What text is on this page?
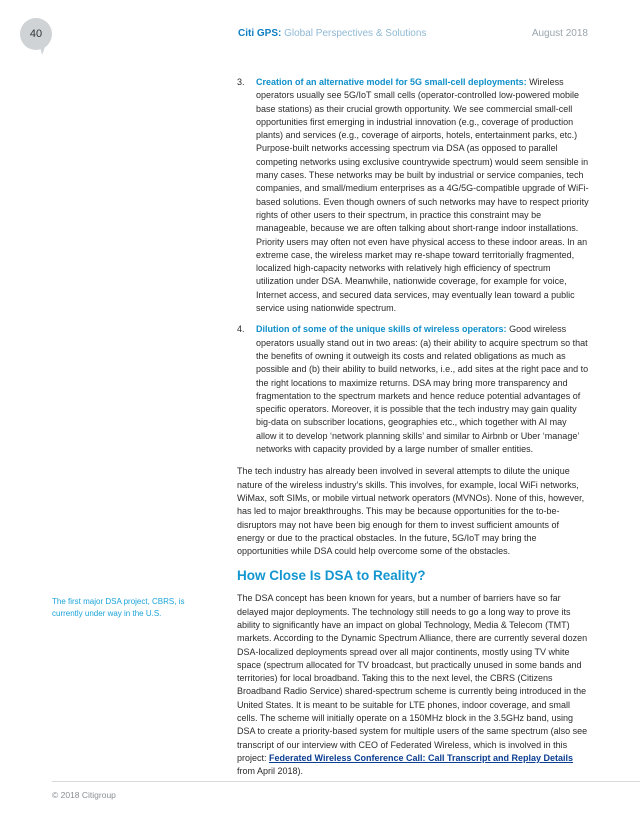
40	Citi GPS: Global Perspectives & Solutions	August 2018
3. Creation of an alternative model for 5G small-cell deployments: Wireless operators usually see 5G/IoT small cells (operator-controlled low-powered mobile base stations) as their crucial growth opportunity. We see commercial small-cell opportunities first emerging in industrial innovation (e.g., coverage of production plants) and services (e.g., coverage of airports, hotels, entertainment parks, etc.) Purpose-built networks accessing spectrum via DSA (as opposed to parallel competing networks using exclusive countrywide spectrum) would seem sensible in many cases. These networks may be built by industrial or service companies, tech companies, and small/medium enterprises as a 4G/5G-compatible upgrade of WiFi-based solutions. Even though owners of such networks may have to respect priority rights of other users to their spectrum, in practice this constraint may be manageable, because we are often talking about short-range indoor installations. Priority users may often not even have physical access to these indoor areas. In an extreme case, the wireless market may re-shape toward territorially fragmented, localized high-capacity networks with relatively high efficiency of spectrum utilization under DSA. Meanwhile, nationwide coverage, for example for voice, Internet access, and secured data services, may eventually lean toward a public service using nationwide spectrum.
4. Dilution of some of the unique skills of wireless operators: Good wireless operators usually stand out in two areas: (a) their ability to acquire spectrum so that the benefits of owning it outweigh its costs and related obligations as much as possible and (b) their ability to build networks, i.e., add sites at the right pace and to the right locations to maximize returns. DSA may bring more transparency and fragmentation to the spectrum markets and hence reduce potential advantages of specific operators. Moreover, it is possible that the tech industry may gain quality big-data on subscriber locations, geographies etc., which together with AI may allow it to develop ‘network planning skills’ and similar to Airbnb or Uber ‘manage’ networks with capacity provided by a large number of smaller entities.

The tech industry has already been involved in several attempts to dilute the unique nature of the wireless industry’s skills. This involves, for example, local WiFi networks, WiMax, soft SIMs, or mobile virtual network operators (MVNOs). None of this, however, has led to major breakthroughs. This may be because opportunities for the to-be-disruptors may not have been big enough for them to invest sufficient amounts of energy or due to the practical obstacles. In the future, 5G/IoT may bring the opportunities while DSA could help overcome some of the obstacles.

How Close Is DSA to Reality?

The DSA concept has been known for years, but a number of barriers have so far delayed major deployments. The technology still needs to go a long way to prove its ability to significantly have an impact on global Technology, Media & Telecom (TMT) markets. According to the Dynamic Spectrum Alliance, there are currently several dozen DSA-localized deployments spread over all major continents, mostly using TV white space (spectrum allocated for TV broadcast, but practically unused in some bands and territories) for local broadband. Taking this to the next level, the CBRS (Citizens Broadband Radio Service) shared-spectrum scheme is currently being introduced in the United States. It is meant to be suitable for LTE phones, indoor coverage, and small cells. The scheme will initially operate on a 150MHz block in the 3.5GHz band, using DSA to create a priority-based system for multiple users of the same spectrum (also see transcript of our interview with CEO of Federated Wireless, which is involved in this project: Federated Wireless Conference Call: Call Transcript and Replay Details from April 2018).

The first major DSA project, CBRS, is currently under way in the U.S.
© 2018 Citigroup
